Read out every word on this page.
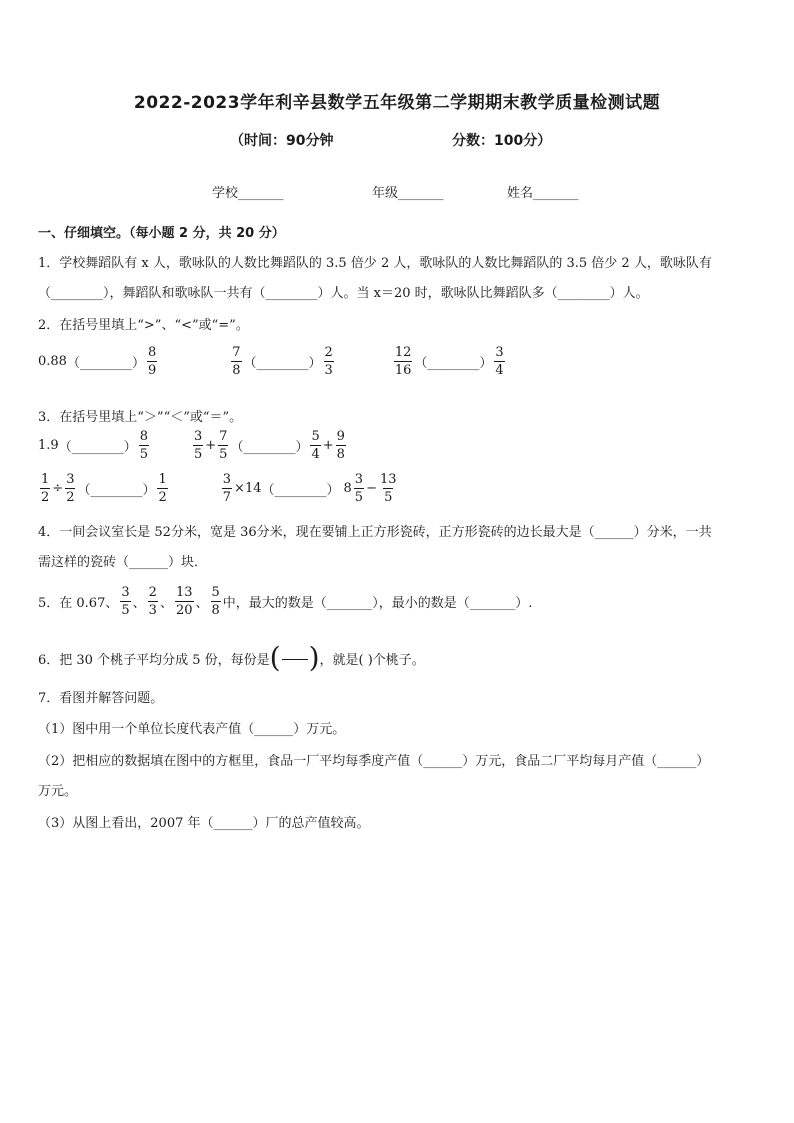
2022-2023学年利辛县数学五年级第二学期期末教学质量检测试题
（时间：90分钟	分数：100分）
学校_______	年级_______	姓名_______
一、仔细填空。（每小题 2 分，共 20 分）
1．学校舞蹈队有 x 人，歌咏队的人数比舞蹈队的 3.5 倍少 2 人，歌咏队的人数比舞蹈队的 3.5 倍少 2 人，歌咏队有
（________），舞蹈队和歌咏队一共有（________）人。当 x＝20 时，歌咏队比舞蹈队多（________）人。
2．在括号里填上“>”、“<”或“=”。
0.88 （________） $\frac{8}{9}$	$\frac{7}{8}$ （________） $\frac{2}{3}$	$\frac{12}{16}$ （________） $\frac{3}{4}$
3．在括号里填上“＞”“＜”或“＝”。
1.9 （________） $\frac{8}{5}$	$\frac{3}{5} + \frac{7}{5}$ （________） $\frac{5}{4} + \frac{9}{8}$
$\frac{1}{2} \div \frac{3}{2}$ （________） $\frac{1}{2}$	$\frac{3}{7} \times 14$ （________） $8 \frac{3}{5} - \frac{13}{5}$
4．一间会议室长是 52分米，宽是 36分米，现在要铺上正方形瓷砖，正方形瓷砖的边长最大是（______）分米，一共
需这样的瓷砖（______）块．
5．在 0.67、 $\frac{3}{5}$ 、 $\frac{2}{3}$ 、 $\frac{13}{20}$ 、 $\frac{5}{8}$ 中，最大的数是（_______），最小的数是（_______）.
6．把 30 个桃子平均分成 5 份，每份是 ( ) ，就是( )个桃子。
7．看图并解答问题。
（1）图中用一个单位长度代表产值（______）万元。
（2）把相应的数据填在图中的方框里，食品一厂平均每季度产值（______）万元，食品二厂平均每月产值（______）
万元。
（3）从图上看出，2007 年（______）厂的总产值较高。
